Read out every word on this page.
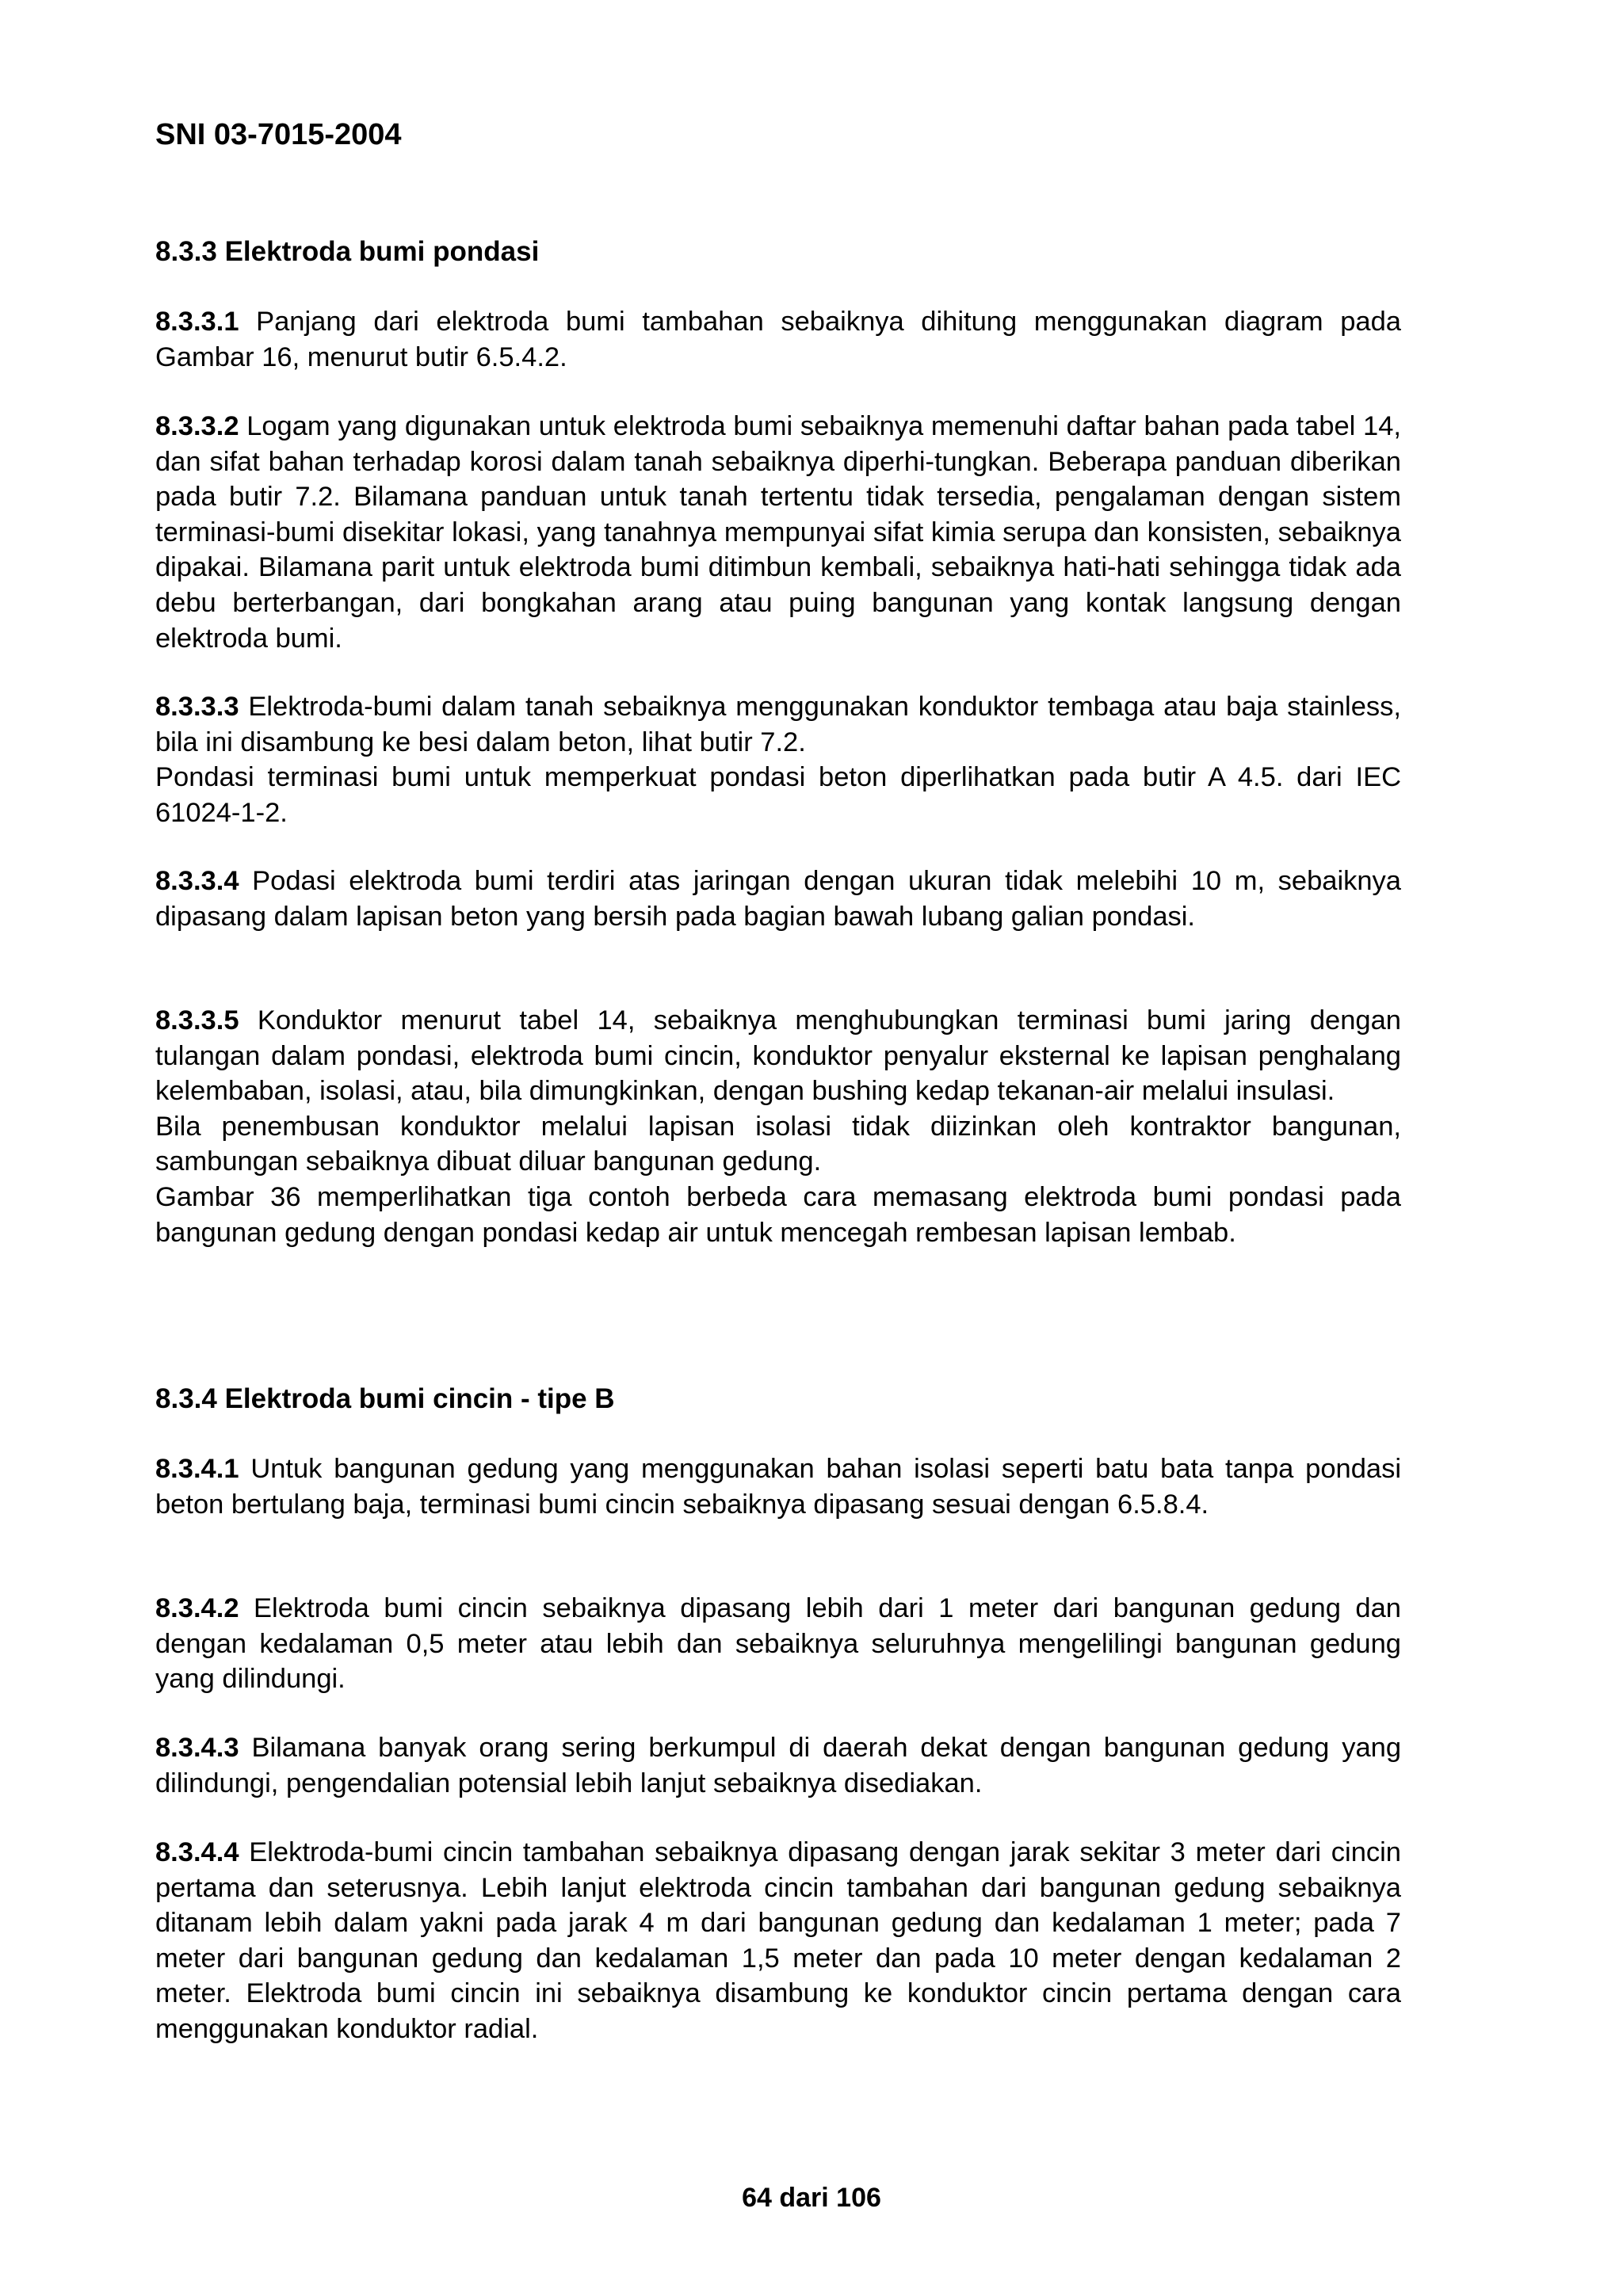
SNI 03-7015-2004
8.3.3 Elektroda bumi pondasi

8.3.3.1 Panjang dari elektroda bumi tambahan sebaiknya dihitung menggunakan diagram pada Gambar 16, menurut butir 6.5.4.2.

8.3.3.2 Logam yang digunakan untuk elektroda bumi sebaiknya memenuhi daftar bahan pada tabel 14, dan sifat bahan terhadap korosi dalam tanah sebaiknya diperhi-tungkan. Beberapa panduan diberikan pada butir 7.2. Bilamana panduan untuk tanah tertentu tidak tersedia, pengalaman dengan sistem terminasi-bumi disekitar lokasi, yang tanahnya mempunyai sifat kimia serupa dan konsisten, sebaiknya dipakai. Bilamana parit untuk elektroda bumi ditimbun kembali, sebaiknya hati-hati sehingga tidak ada debu berterbangan, dari bongkahan arang atau puing bangunan yang kontak langsung dengan elektroda bumi.

8.3.3.3 Elektroda-bumi dalam tanah sebaiknya menggunakan konduktor tembaga atau baja stainless, bila ini disambung ke besi dalam beton, lihat butir 7.2.

Pondasi terminasi bumi untuk memperkuat pondasi beton diperlihatkan pada butir A 4.5. dari IEC 61024-1-2.

8.3.3.4 Podasi elektroda bumi terdiri atas jaringan dengan ukuran tidak melebihi 10 m, sebaiknya dipasang dalam lapisan beton yang bersih pada bagian bawah lubang galian pondasi.

8.3.3.5 Konduktor menurut tabel 14, sebaiknya menghubungkan terminasi bumi jaring dengan tulangan dalam pondasi, elektroda bumi cincin, konduktor penyalur eksternal ke lapisan penghalang kelembaban, isolasi, atau, bila dimungkinkan, dengan bushing kedap tekanan-air melalui insulasi.

Bila penembusan konduktor melalui lapisan isolasi tidak diizinkan oleh kontraktor bangunan, sambungan sebaiknya dibuat diluar bangunan gedung.

Gambar 36 memperlihatkan tiga contoh berbeda cara memasang elektroda bumi pondasi pada bangunan gedung dengan pondasi kedap air untuk mencegah rembesan lapisan lembab.

8.3.4 Elektroda bumi cincin - tipe B

8.3.4.1 Untuk bangunan gedung yang menggunakan bahan isolasi seperti batu bata tanpa pondasi beton bertulang baja, terminasi bumi cincin sebaiknya dipasang sesuai dengan 6.5.8.4.

8.3.4.2 Elektroda bumi cincin sebaiknya dipasang lebih dari 1 meter dari bangunan gedung dan dengan kedalaman 0,5 meter atau lebih dan sebaiknya seluruhnya mengelilingi bangunan gedung yang dilindungi.

8.3.4.3 Bilamana banyak orang sering berkumpul di daerah dekat dengan bangunan gedung yang dilindungi, pengendalian potensial lebih lanjut sebaiknya disediakan.

8.3.4.4 Elektroda-bumi cincin tambahan sebaiknya dipasang dengan jarak sekitar 3 meter dari cincin pertama dan seterusnya. Lebih lanjut elektroda cincin tambahan dari bangunan gedung sebaiknya ditanam lebih dalam yakni pada jarak 4 m dari bangunan gedung dan kedalaman 1 meter; pada 7 meter dari bangunan gedung dan kedalaman 1,5 meter dan pada 10 meter dengan kedalaman 2 meter. Elektroda bumi cincin ini sebaiknya disambung ke konduktor cincin pertama dengan cara menggunakan konduktor radial.

64 dari 106
